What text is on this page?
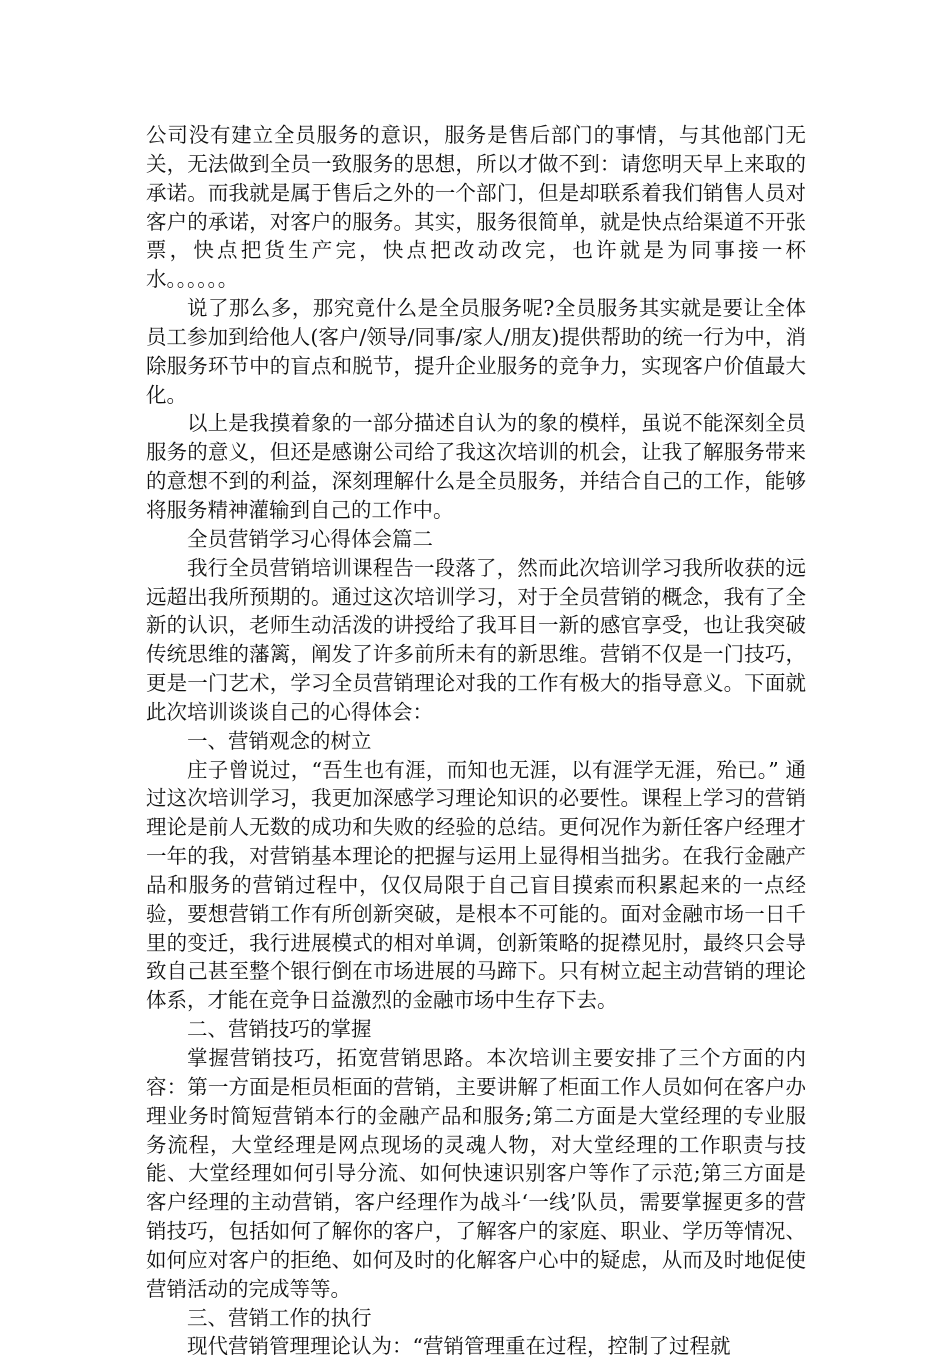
公司没有建立全员服务的意识，服务是售后部门的事情，与其他部门无关，无法做到全员一致服务的思想，所以才做不到：请您明天早上来取的承诺。而我就是属于售后之外的一个部门，但是却联系着我们销售人员对客户的承诺，对客户的服务。其实，服务很简单，就是快点给渠道不开张票，快点把货生产完，快点把改动改完，也许就是为同事接一杯水。。。。。。

说了那么多，那究竟什么是全员服务呢?全员服务其实就是要让全体员工参加到给他人(客户/领导/同事/家人/朋友)提供帮助的统一行为中，消除服务环节中的盲点和脱节，提升企业服务的竞争力，实现客户价值最大化。

以上是我摸着象的一部分描述自认为的象的模样，虽说不能深刻全员服务的意义，但还是感谢公司给了我这次培训的机会，让我了解服务带来的意想不到的利益，深刻理解什么是全员服务，并结合自己的工作，能够将服务精神灌输到自己的工作中。

全员营销学习心得体会篇二

我行全员营销培训课程告一段落了，然而此次培训学习我所收获的远远超出我所预期的。通过这次培训学习，对于全员营销的概念，我有了全新的认识，老师生动活泼的讲授给了我耳目一新的感官享受，也让我突破传统思维的藩篱，阐发了许多前所未有的新思维。营销不仅是一门技巧，更是一门艺术，学习全员营销理论对我的工作有极大的指导意义。下面就此次培训谈谈自己的心得体会：

一、营销观念的树立

庄子曾说过，“吾生也有涯，而知也无涯，以有涯学无涯，殆已。” 通过这次培训学习，我更加深感学习理论知识的必要性。课程上学习的营销理论是前人无数的成功和失败的经验的总结。更何况作为新任客户经理才一年的我，对营销基本理论的把握与运用上显得相当拙劣。在我行金融产品和服务的营销过程中，仅仅局限于自己盲目摸索而积累起来的一点经验，要想营销工作有所创新突破，是根本不可能的。面对金融市场一日千里的变迁，我行进展模式的相对单调，创新策略的捉襟见肘，最终只会导致自己甚至整个银行倒在市场进展的马蹄下。只有树立起主动营销的理论体系，才能在竞争日益激烈的金融市场中生存下去。

二、营销技巧的掌握

掌握营销技巧，拓宽营销思路。本次培训主要安排了三个方面的内容：第一方面是柜员柜面的营销，主要讲解了柜面工作人员如何在客户办理业务时简短营销本行的金融产品和服务;第二方面是大堂经理的专业服务流程，大堂经理是网点现场的灵魂人物，对大堂经理的工作职责与技能、大堂经理如何引导分流、如何快速识别客户等作了示范;第三方面是客户经理的主动营销，客户经理作为战斗‘一线’队员，需要掌握更多的营销技巧，包括如何了解你的客户，了解客户的家庭、职业、学历等情况、如何应对客户的拒绝、如何及时的化解客户心中的疑虑，从而及时地促使营销活动的完成等等。

三、营销工作的执行

现代营销管理理论认为：“营销管理重在过程，控制了过程就
